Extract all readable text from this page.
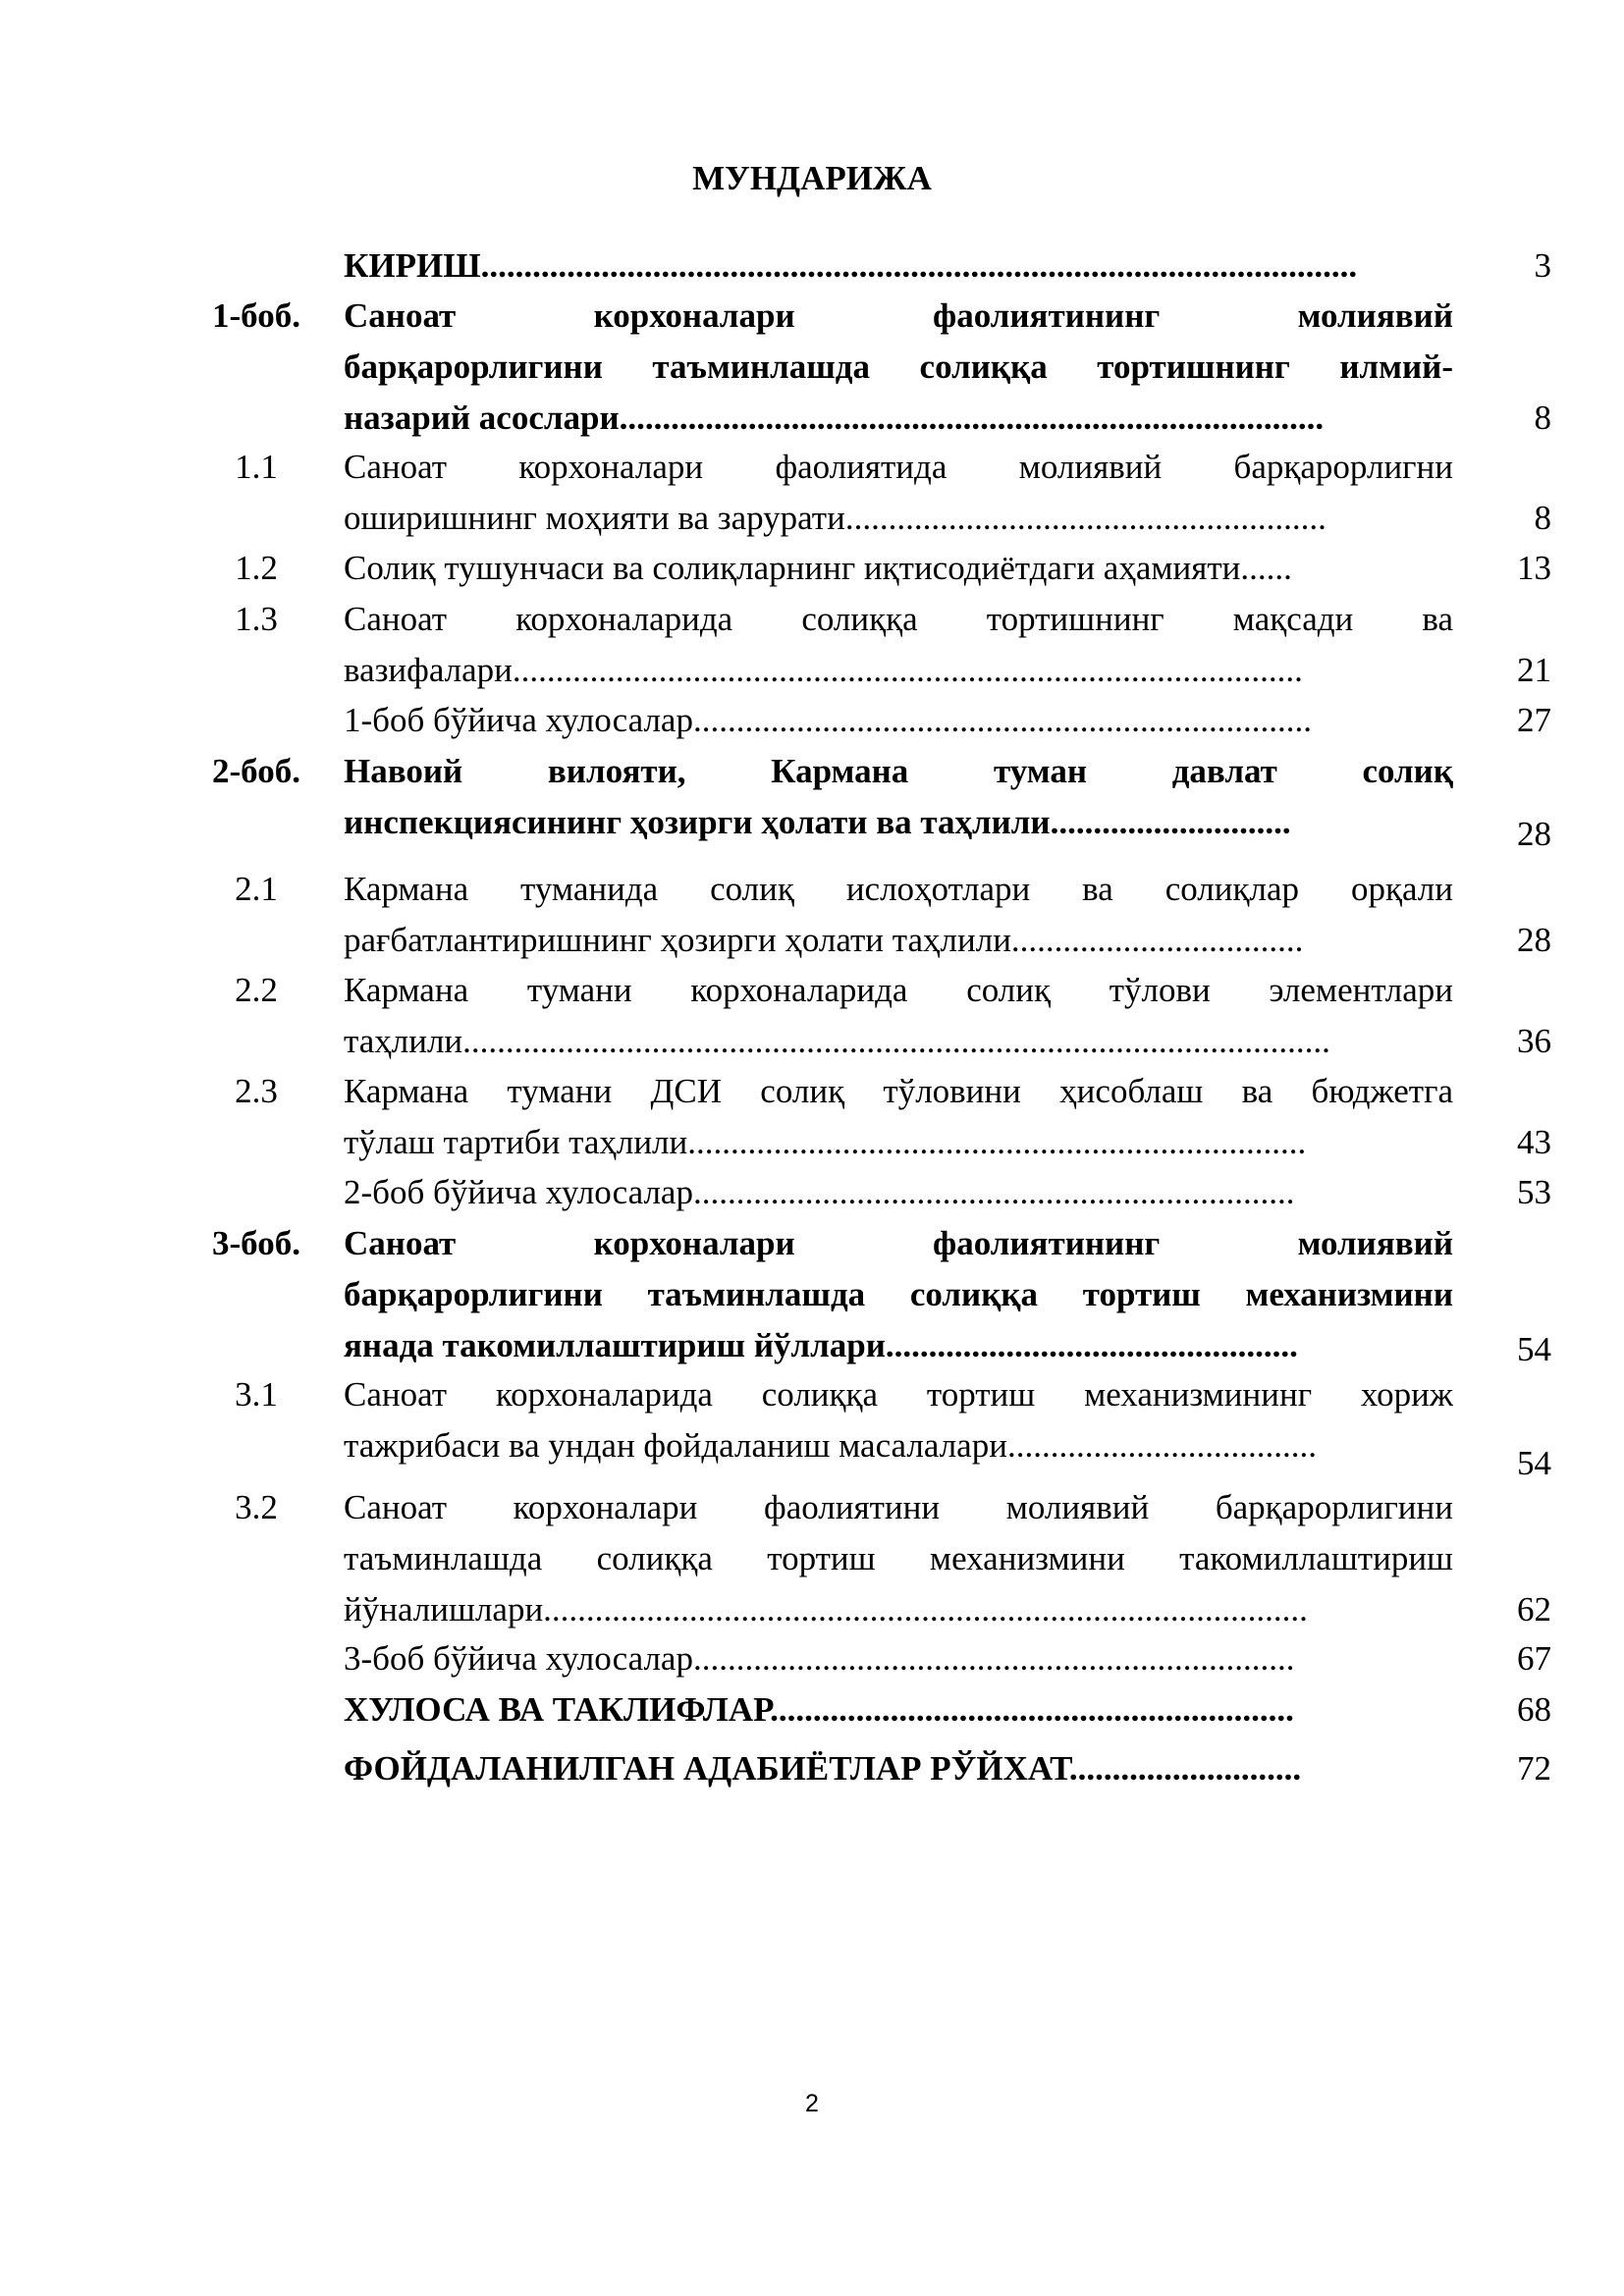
МУНДАРИЖА
КИРИШ......................................................................................................	3
1-боб.	Саноат корхоналари фаолиятининг молиявий
барқарорлигини таъминлашда солиққа тортишнинг илмий-
назарий асослари..................................................................................	8
1.1	Саноат корхоналари фаолиятида молиявий барқарорлигни
оширишнинг моҳияти ва зарурати........................................................	8
1.2	Солиқ тушунчаси ва солиқларнинг иқтисодиётдаги аҳамияти......	13
1.3	Саноат корхоналарида солиққа тортишнинг мақсади ва
вазифалари............................................................................................	21
1-боб бўйича хулосалар........................................................................	27
2-боб.	Навоий вилояти, Кармана туман давлат солиқ
инспекциясининг ҳозирги ҳолати ва таҳлили............................	28
2.1	Кармана туманида солиқ ислоҳотлари ва солиқлар орқали
рағбатлантиришнинг ҳозирги ҳолати таҳлили..................................	28
2.2	Кармана тумани корхоналарида солиқ тўлови элементлари
таҳлили.....................................................................................................	36
2.3	Кармана тумани ДСИ солиқ тўловини ҳисоблаш ва бюджетга
тўлаш тартиби таҳлили........................................................................	43
2-боб бўйича хулосалар......................................................................	53
3-боб.	Саноат корхоналари фаолиятининг молиявий
барқарорлигини таъминлашда солиққа тортиш механизмини
янада такомиллаштириш йўллари................................................	54
3.1	Саноат корхоналарида солиққа тортиш механизмининг хориж
тажрибаси ва ундан фойдаланиш масалалари....................................	54
3.2	Саноат корхоналари фаолиятини молиявий барқарорлигини
таъминлашда солиққа тортиш механизмини такомиллаштириш
йўналишлари.........................................................................................	62
3-боб бўйича хулосалар......................................................................	67
ХУЛОСА ВА ТАКЛИФЛАР.............................................................	68
ФОЙДАЛАНИЛГАН АДАБИЁТЛАР РЎЙХАТ...........................	72
2
